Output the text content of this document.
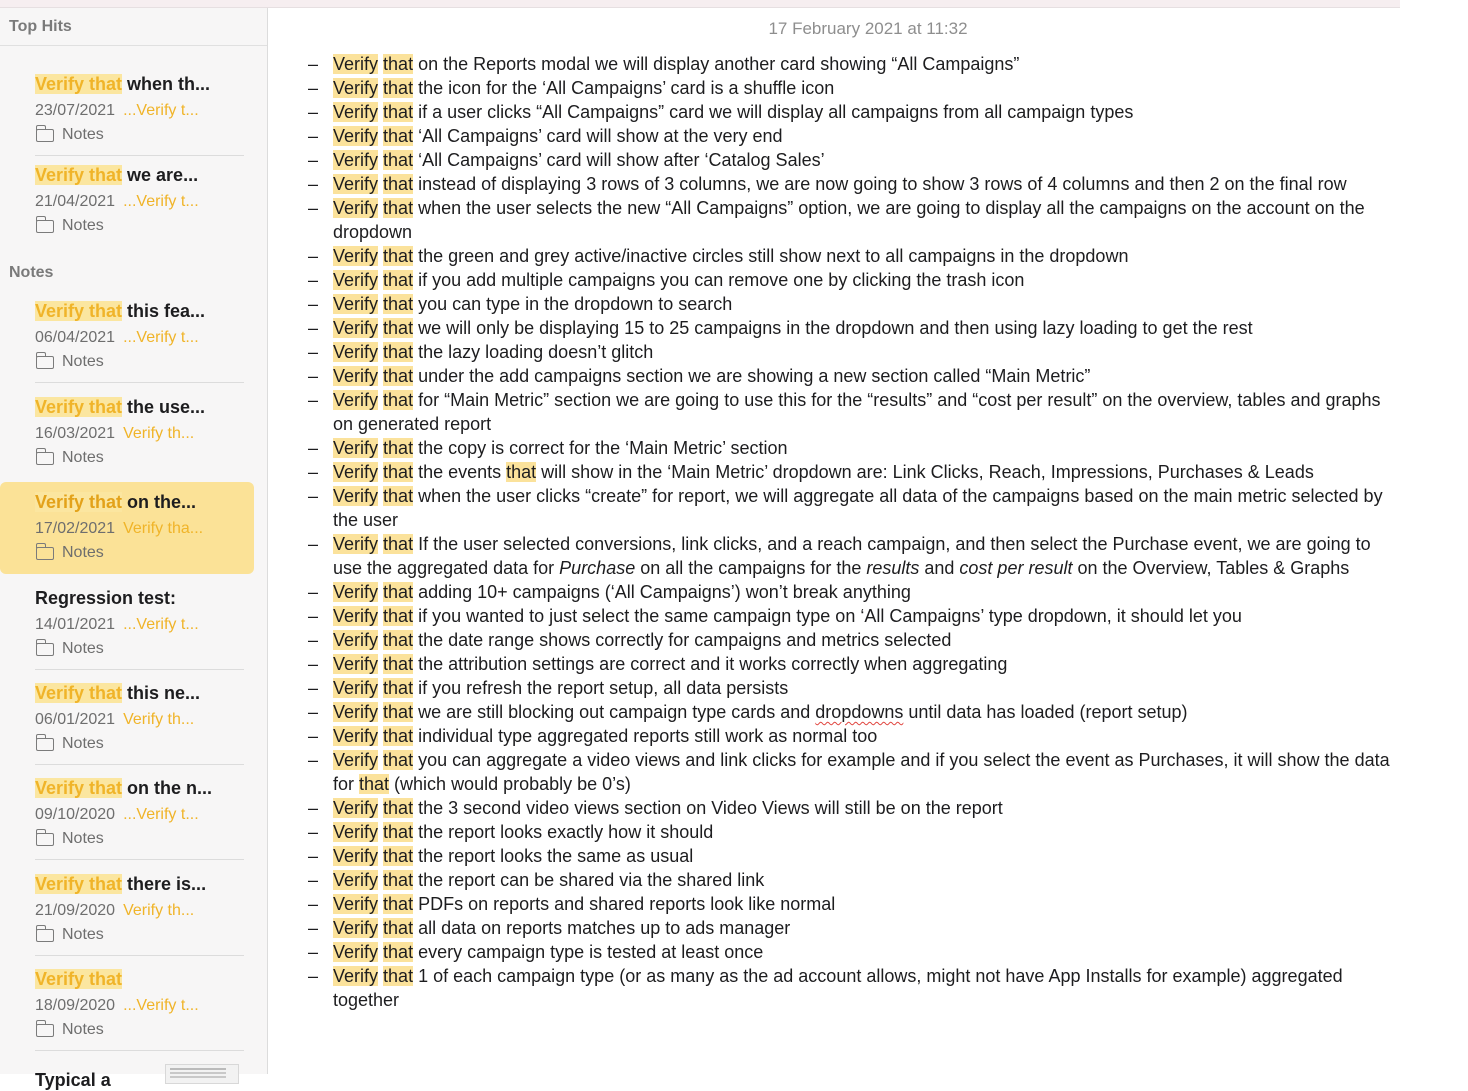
Top Hits
Verify that when th...
23/07/2021 ...Verify t...
Notes
Verify that we are...
21/04/2021 ...Verify t...
Notes
Notes
Verify that this fea...
06/04/2021 ...Verify t...
Notes
Verify that the use...
16/03/2021 Verify th...
Notes
Verify that on the...
17/02/2021 Verify tha...
Notes
Regression test:
14/01/2021 ...Verify t...
Notes
Verify that this ne...
06/01/2021 Verify th...
Notes
Verify that on the n...
09/10/2020 ...Verify t...
Notes
Verify that there is...
21/09/2020 Verify th...
Notes
Verify that
18/09/2020 ...Verify t...
Notes
Typical a
17 February 2021 at 11:32
– Verify that on the Reports modal we will display another card showing “All Campaigns”
– Verify that the icon for the ‘All Campaigns’ card is a shuffle icon
– Verify that if a user clicks “All Campaigns” card we will display all campaigns from all campaign types
– Verify that ‘All Campaigns’ card will show at the very end
– Verify that ‘All Campaigns’ card will show after ‘Catalog Sales’
– Verify that instead of displaying 3 rows of 3 columns, we are now going to show 3 rows of 4 columns and then 2 on the final row
– Verify that when the user selects the new “All Campaigns” option, we are going to display all the campaigns on the account on the dropdown
– Verify that the green and grey active/inactive circles still show next to all campaigns in the dropdown
– Verify that if you add multiple campaigns you can remove one by clicking the trash icon
– Verify that you can type in the dropdown to search
– Verify that we will only be displaying 15 to 25 campaigns in the dropdown and then using lazy loading to get the rest
– Verify that the lazy loading doesn’t glitch
– Verify that under the add campaigns section we are showing a new section called “Main Metric”
– Verify that for “Main Metric” section we are going to use this for the “results” and “cost per result” on the overview, tables and graphs on generated report
– Verify that the copy is correct for the ‘Main Metric’ section
– Verify that the events that will show in the ‘Main Metric’ dropdown are: Link Clicks, Reach, Impressions, Purchases & Leads
– Verify that when the user clicks “create” for report, we will aggregate all data of the campaigns based on the main metric selected by the user
– Verify that If the user selected conversions, link clicks, and a reach campaign, and then select the Purchase event, we are going to use the aggregated data for Purchase on all the campaigns for the results and cost per result on the Overview, Tables & Graphs
– Verify that adding 10+ campaigns (‘All Campaigns’) won’t break anything
– Verify that if you wanted to just select the same campaign type on ‘All Campaigns’ type dropdown, it should let you
– Verify that the date range shows correctly for campaigns and metrics selected
– Verify that the attribution settings are correct and it works correctly when aggregating
– Verify that if you refresh the report setup, all data persists
– Verify that we are still blocking out campaign type cards and dropdowns until data has loaded (report setup)
– Verify that individual type aggregated reports still work as normal too
– Verify that you can aggregate a video views and link clicks for example and if you select the event as Purchases, it will show the data for that (which would probably be 0’s)
– Verify that the 3 second video views section on Video Views will still be on the report
– Verify that the report looks exactly how it should
– Verify that the report looks the same as usual
– Verify that the report can be shared via the shared link
– Verify that PDFs on reports and shared reports look like normal
– Verify that all data on reports matches up to ads manager
– Verify that every campaign type is tested at least once
– Verify that 1 of each campaign type (or as many as the ad account allows, might not have App Installs for example) aggregated together
